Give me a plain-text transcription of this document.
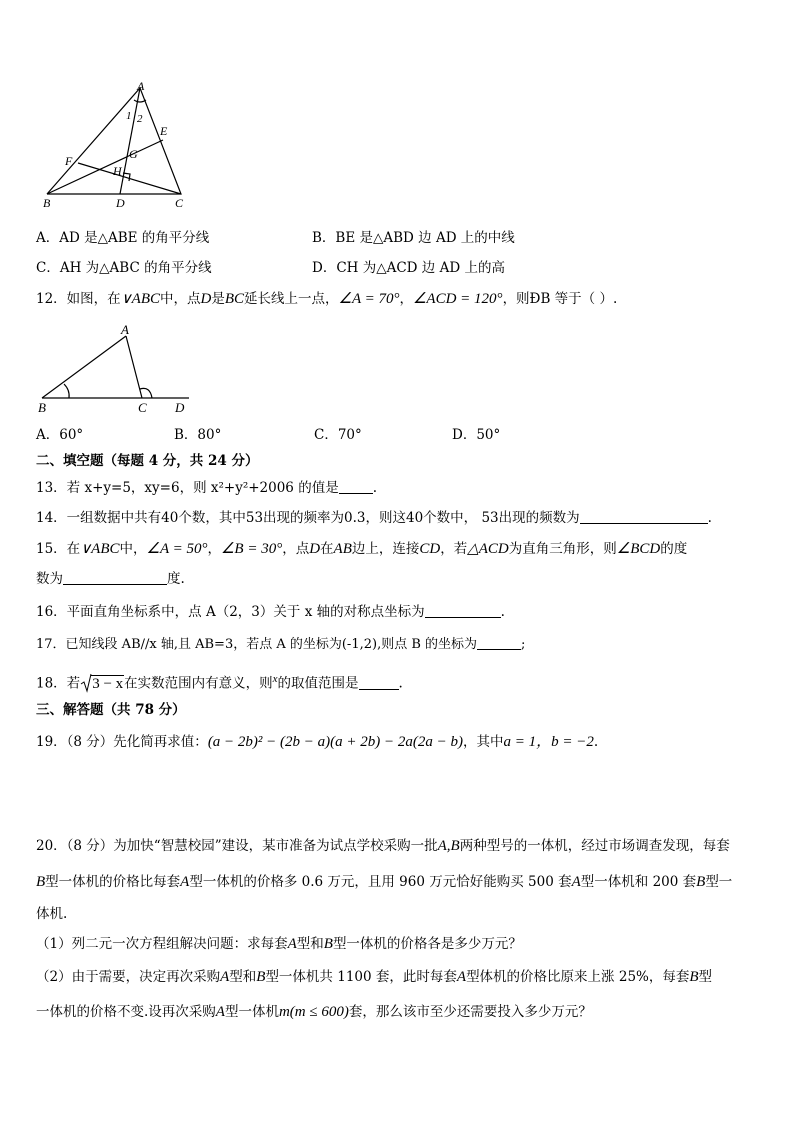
A
1 2
E
G
F
H
B	D	C
A．AD 是△ABE 的角平分线	B．BE 是△ABD 边 AD 上的中线
C．AH 为△ABC 的角平分线	D．CH 为△ACD 边 AD 上的高
12．如图，在∨ABC中，点D是BC延长线上一点，∠A = 70°，∠ACD = 120°，则ÐB 等于（ ）.
A
B	C D
A．60°	B．80°	C．70°	D．50°
二、填空题（每题 4 分，共 24 分）
13．若 x+y=5，xy=6，则 x²+y²+2006 的值是	.
14．一组数据中共有40个数，其中53出现的频率为0.3，则这40个数中， 53出现的频数为	.
15．在∨ABC中，∠A = 50°，∠B = 30°，点D在AB边上，连接CD，若△ACD为直角三角形，则∠BCD的度
数为	度.
16．平面直角坐标系中，点 A（2，3）关于 x 轴的对称点坐标为	.
17．已知线段 AB//x 轴,且 AB=3，若点 A 的坐标为(-1,2),则点 B 的坐标为	;
18．若 3 − x在实数范围内有意义，则$^x$的取值范围是	.
三、解答题（共 78 分）
19．（8 分）先化简再求值：(a − 2b)² − (2b − a)(a + 2b) − 2a(2a − b)，其中a = 1，b = −2.
20．（8 分）为加快“智慧校园”建设，某市准备为试点学校采购一批A,B两种型号的一体机，经过市场调查发现，每套
B型一体机的价格比每套A型一体机的价格多 0.6 万元，且用 960 万元恰好能购买 500 套A型一体机和 200 套B型一
体机.
（1）列二元一次方程组解决问题：求每套A型和B型一体机的价格各是多少万元？
（2）由于需要，决定再次采购A型和B型一体机共 1100 套，此时每套A型体机的价格比原来上涨 25%，每套B型
一体机的价格不变.设再次采购A型一体机m(m ≤ 600)套，那么该市至少还需要投入多少万元？
